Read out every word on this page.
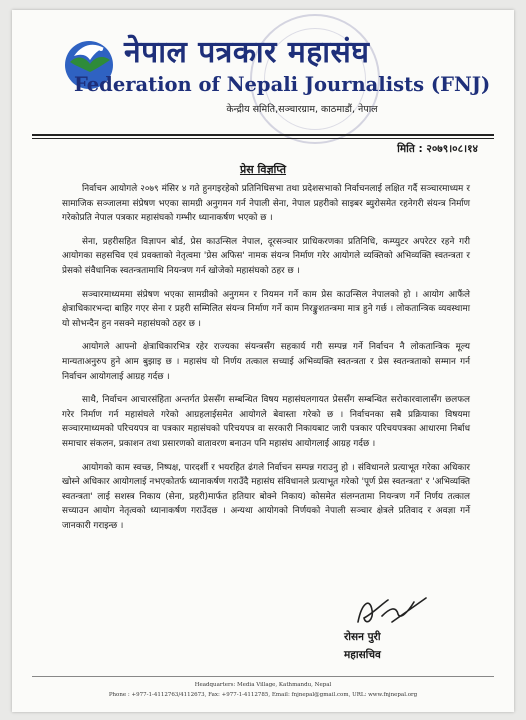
नेपाल पत्रकार महासंघ
Federation of Nepali Journalists (FNJ)
केन्द्रीय समिति,सञ्चारग्राम, काठमाडौं, नेपाल
मिति : २०७९।०८।१४
प्रेस विज्ञप्ति

निर्वाचन आयोगले २०७९ मंसिर ४ गते हुनगइरहेको प्रतिनिधिसभा तथा प्रदेशसभाको निर्वाचनलाई लक्षित गर्दै सञ्चारमाध्यम र सामाजिक सञ्जालमा संप्रेषण भएका सामग्री अनुगमन गर्न नेपाली सेना, नेपाल प्रहरीको साइबर ब्युरोसमेत रहनेगरी संयन्त्र निर्माण गरेकोप्रति नेपाल पत्रकार महासंघको गम्भीर ध्यानाकर्षण भएको छ ।

सेना, प्रहरीसहित विज्ञापन बोर्ड, प्रेस काउन्सिल नेपाल, दूरसञ्चार प्राधिकरणका प्रतिनिधि, कम्प्युटर अपरेटर रहने गरी आयोगका सहसचिव एवं प्रवक्ताको नेतृत्वमा 'प्रेस अफिस' नामक संयन्त्र निर्माण गरेर आयोगले व्यक्तिको अभिव्यक्ति स्वतन्त्रता र प्रेसको संवैधानिक स्वतन्त्रतामाथि नियन्त्रण गर्न खोजेको महासंघको ठहर छ ।

सञ्चारमाध्यममा संप्रेषण भएका सामग्रीको अनुगमन र नियमन गर्ने काम प्रेस काउन्सिल नेपालको हो । आयोग आफैंले क्षेत्राधिकारभन्दा बाहिर गएर सेना र प्रहरी सम्मिलित संयन्त्र निर्माण गर्ने काम निरङ्कुशतन्त्रमा मात्र हुने गर्छ । लोकतान्त्रिक व्यवस्थामा यो सोभन्दैन हुन नसक्ने महासंघको ठहर छ ।

आयोगले आफ्नो क्षेत्राधिकारभित्र रहेर राज्यका संयन्त्रसँग सहकार्य गरी सम्पन्न गर्ने निर्वाचन नै लोकतान्त्रिक मूल्य मान्यताअनुरुप हुने आम बुझाइ छ । महासंघ यो निर्णय तत्काल सच्याई अभिव्यक्ति स्वतन्त्रता र प्रेस स्वतन्त्रताको सम्मान गर्न निर्वाचन आयोगलाई आग्रह गर्दछ ।

साथै, निर्वाचन आचारसंहिता अन्तर्गत प्रेससँग सम्बन्धित विषय महासंघलगायत प्रेससँग सम्बन्धित सरोकारवालासँग छलफल गरेर निर्माण गर्न महासंघले गरेको आग्रहलाईसमेत आयोगले बेवास्ता गरेको छ । निर्वाचनका सबै प्रक्रियाका विषयमा सञ्चारमाध्यमको परिचयपत्र वा पत्रकार महासंघको परिचयपत्र वा सरकारी निकायबाट जारी पत्रकार परिचयपत्रका आधारमा निर्बाध समाचार संकलन, प्रकाशन तथा प्रसारणको वातावरण बनाउन पनि महासंघ आयोगलाई आग्रह गर्दछ ।

आयोगको काम स्वच्छ, निष्पक्ष, पारदर्शी र भयरहित ढंगले निर्वाचन सम्पन्न गराउनु हो । संविधानले प्रत्याभूत गरेका अधिकार खोस्ने अधिकार आयोगलाई नभएकोतर्फ ध्यानाकर्षण गराउँदै महासंघ संविधानले प्रत्याभूत गरेको 'पूर्ण प्रेस स्वतन्त्रता' र 'अभिव्यक्ति स्वतन्त्रता' लाई सशस्त्र निकाय (सेना, प्रहरी)मार्फत हतियार बोक्ने निकाय) कोसमेत संलग्नतामा नियन्त्रण गर्ने निर्णय तत्काल सच्याउन आयोग नेतृत्वको ध्यानाकर्षण गराउँदछ । अन्यथा आयोगको निर्णयको नेपाली सञ्चार क्षेत्रले प्रतिवाद र अवज्ञा गर्ने जानकारी गराइन्छ ।

रोसन पुरी
महासचिव
Headquarters: Media Village, Kathmandu, Nepal
Phone : +977-1-4112763/4112673, Fax: +977-1-4112785, Email: fnjnepal@gmail.com, URL: www.fnjnepal.org
